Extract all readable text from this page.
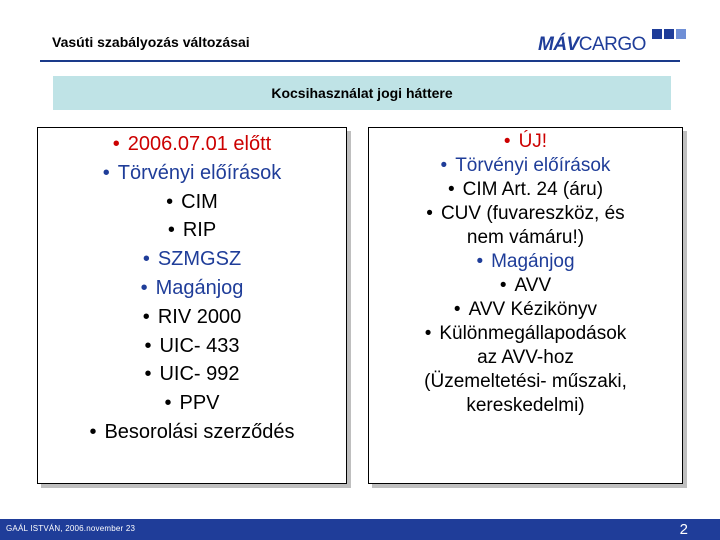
Vasúti szabályozás változásai	MÁVCARGO
Kocsihasználat jogi háttere
• 2006.07.01 előtt
• Törvényi előírások
• CIM
• RIP
• SZMGSZ
• Magánjog
• RIV 2000
• UIC- 433
• UIC- 992
• PPV
• Besorolási szerződés
• ÚJ!
• Törvényi előírások
• CIM Art. 24 (áru)
• CUV (fuvareszköz, és
nem vámáru!)
• Magánjog
• AVV
• AVV Kézikönyv
• Különmegállapodások
az AVV-hoz
(Üzemeltetési- műszaki,
kereskedelmi)
GAÁL ISTVÁN, 2006.november 23	2
